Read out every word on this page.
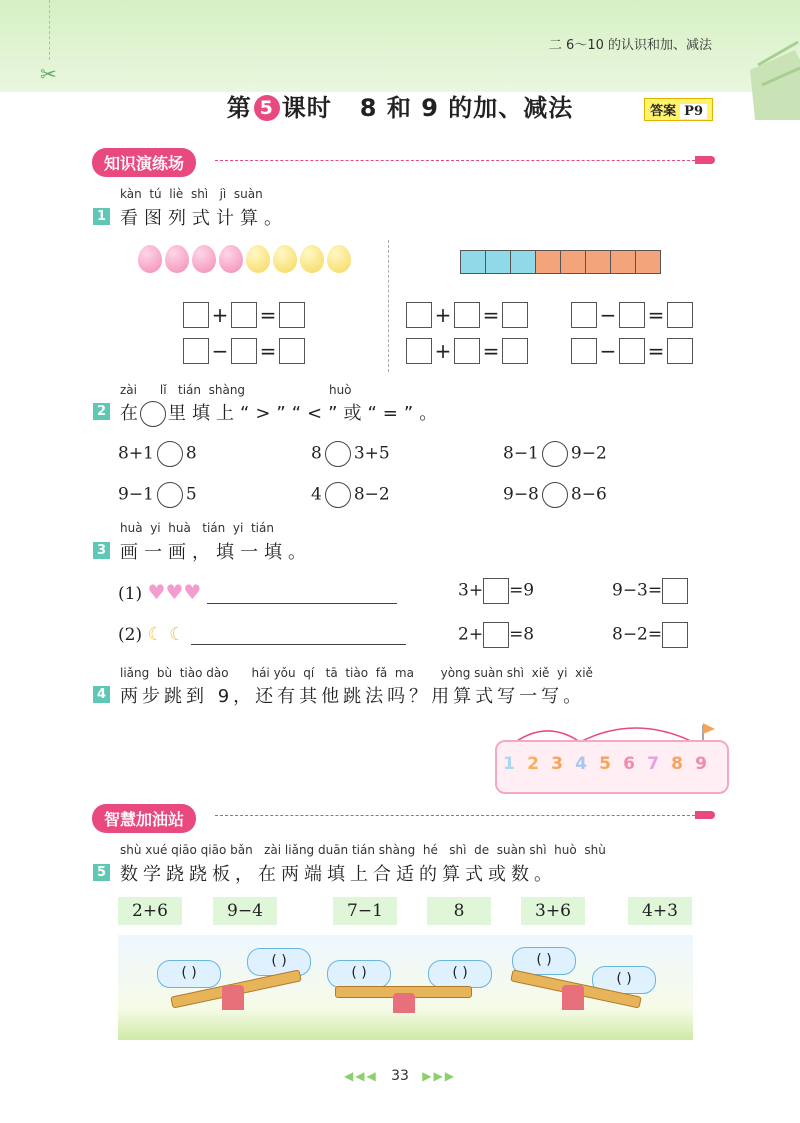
✂
二 6～10 的认识和加、减法
第 5 课时 8 和 9 的加、减法	答案 P9
知识演练场
kàn  tú  liè  shì   jì  suàn
1 看图列式计算。
+ =
− =
+ =
+ =
− =
− =
zài      lǐ   tián  shàng                      huò
2 在 里填上“>”“<”或“=”。
8+1 8	8 3+5	8−1 9−2
9−1 5	4 8−2	9−8 8−6
huà  yi  huà   tián  yi  tián
3 画一画，填一填。
(1) ♥♥♥
(2) ☾ ☾
3+ =9	9−3=
2+ =8	8−2=
liǎng  bù  tiào dào      hái yǒu  qí   tā  tiào  fǎ  ma       yòng suàn shì  xiě  yi  xiě
4 两步跳到 9，还有其他跳法吗？用算式写一写。
1 2 3 4 5 6 7 8 9
智慧加油站
shù xué qiāo qiāo bǎn   zài liǎng duān tián shàng  hé   shì  de  suàn shì  huò  shù
5 数学跷跷板，在两端填上合适的算式或数。
2+6	9−4	7−1	8	3+6	4+3
( )
( )
( )	( )
( )
( )
◀◀◀ 33 ▶▶▶
